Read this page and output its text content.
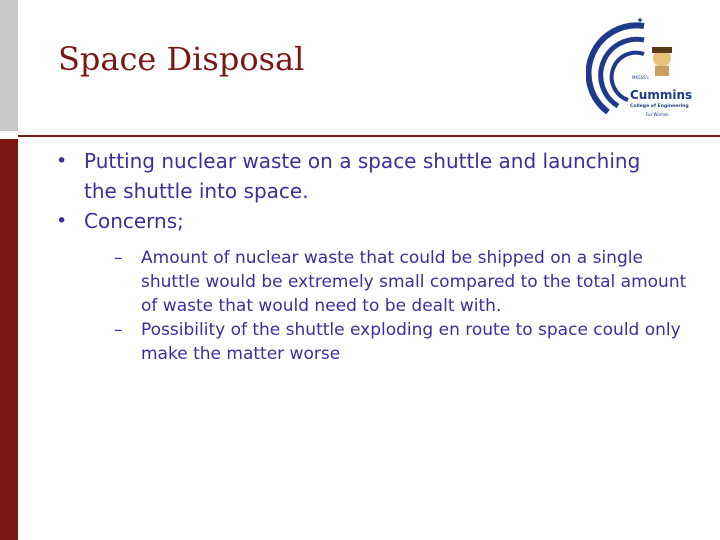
Space Disposal	MKSSS's
Cummins
College of Engineering
For Women
• Putting nuclear waste on a space shuttle and launching the shuttle into space.
• Concerns;
–	Amount of nuclear waste that could be shipped on a single shuttle would be extremely small compared to the total amount of waste that would need to be dealt with.
–	Possibility of the shuttle exploding en route to space could only make the matter worse
